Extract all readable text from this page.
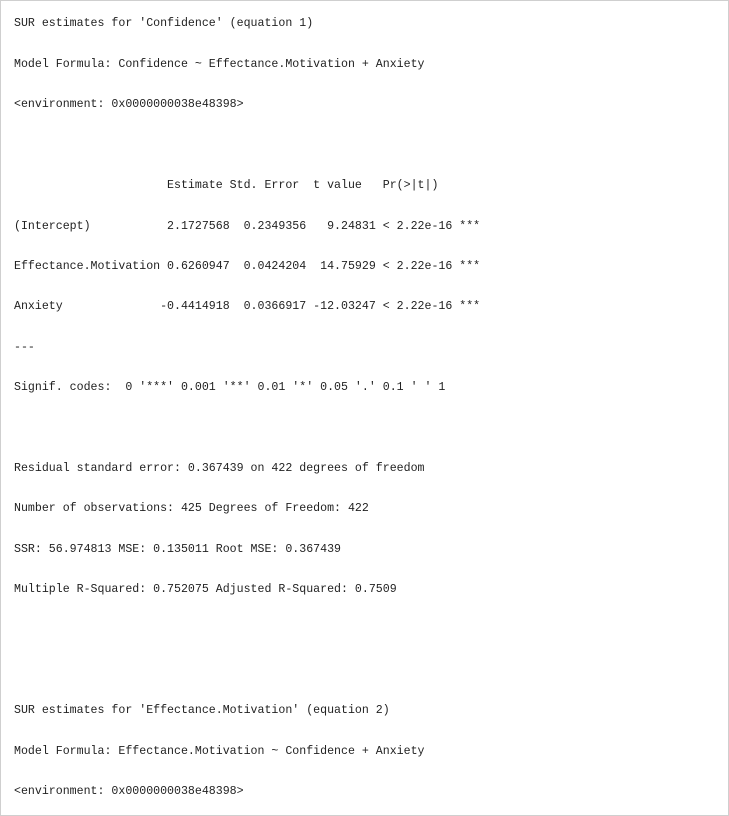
SUR estimates for 'Confidence' (equation 1)
Model Formula: Confidence ~ Effectance.Motivation + Anxiety
<environment: 0x0000000038e48398>
Estimate Std. Error  t value   Pr(>|t|)
(Intercept)           2.1727568  0.2349356   9.24831 < 2.22e-16 ***
Effectance.Motivation 0.6260947  0.0424204  14.75929 < 2.22e-16 ***
Anxiety              -0.4414918  0.0366917 -12.03247 < 2.22e-16 ***
---
Signif. codes:  0 '***' 0.001 '**' 0.01 '*' 0.05 '.' 0.1 ' ' 1
Residual standard error: 0.367439 on 422 degrees of freedom
Number of observations: 425 Degrees of Freedom: 422
SSR: 56.974813 MSE: 0.135011 Root MSE: 0.367439
Multiple R-Squared: 0.752075 Adjusted R-Squared: 0.7509
SUR estimates for 'Effectance.Motivation' (equation 2)
Model Formula: Effectance.Motivation ~ Confidence + Anxiety
<environment: 0x0000000038e48398>
